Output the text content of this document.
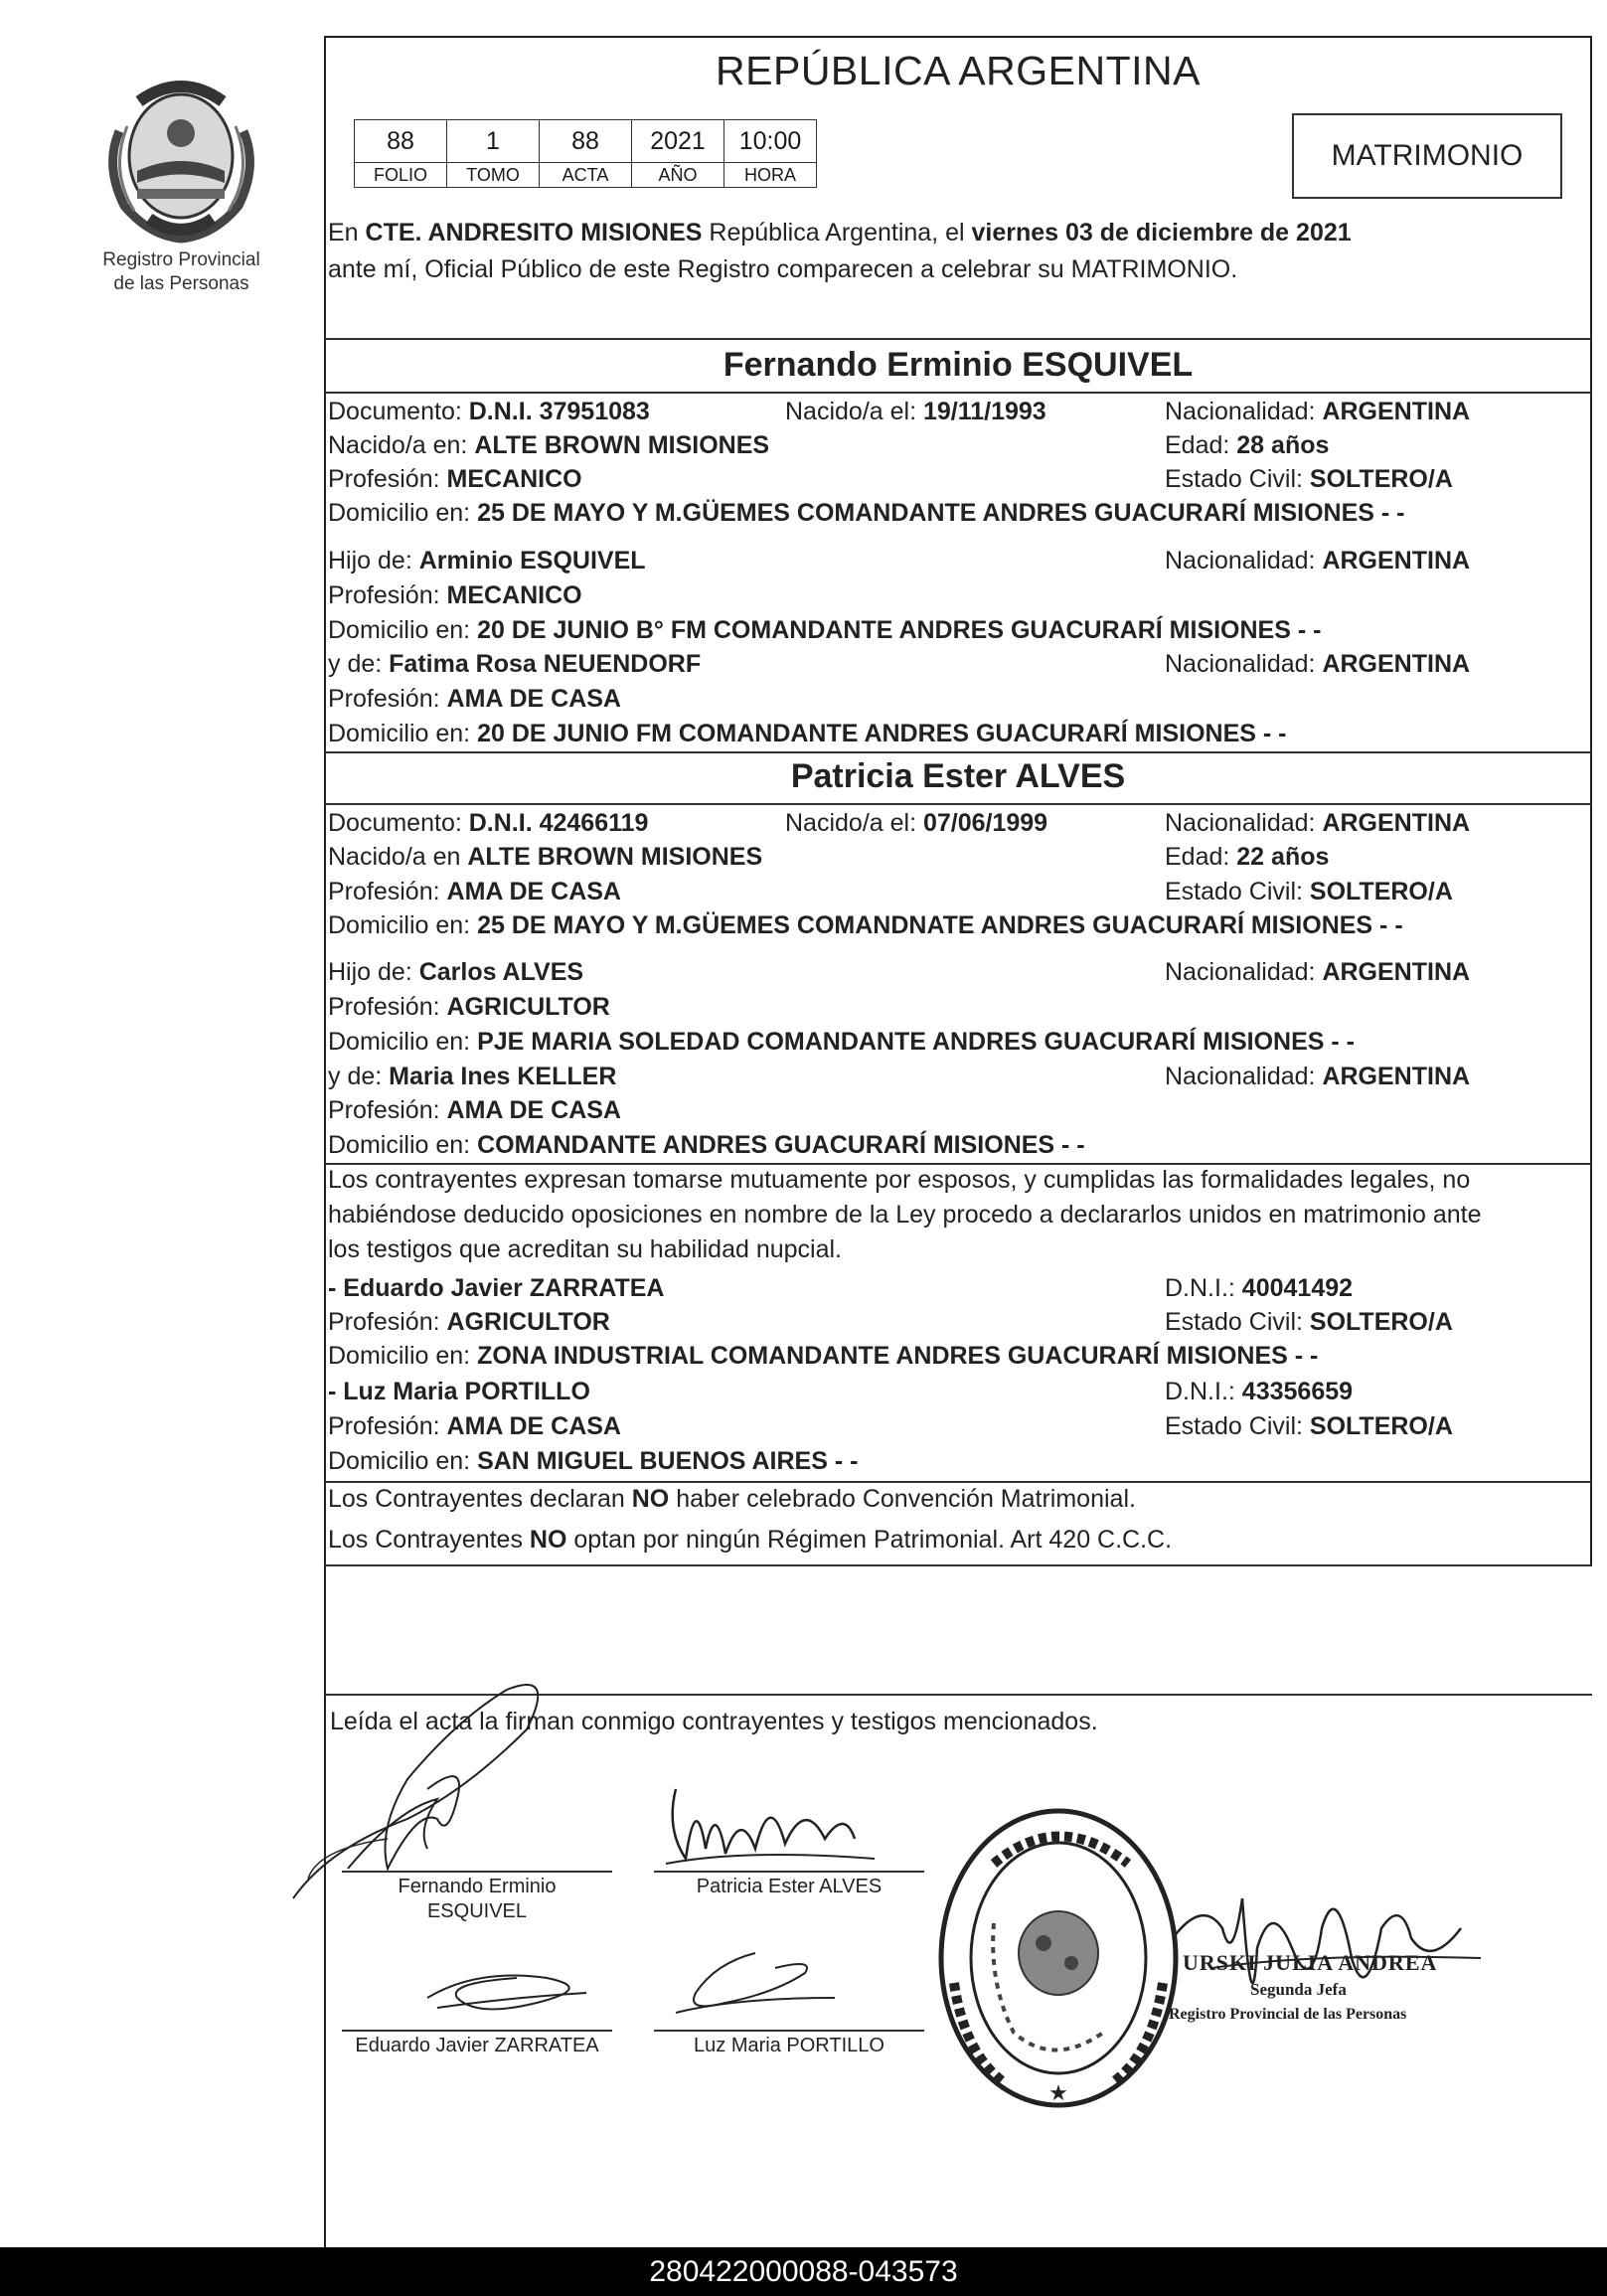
Registro Provincial
de las Personas
REPÚBLICA ARGENTINA
88	1	88	2021	10:00
FOLIO	TOMO	ACTA	AÑO	HORA
MATRIMONIO
En CTE. ANDRESITO MISIONES República Argentina, el viernes 03 de diciembre de 2021
ante mí, Oficial Público de este Registro comparecen a celebrar su MATRIMONIO.
Fernando Erminio ESQUIVEL
Documento: D.N.I. 37951083	Nacido/a el: 19/11/1993	Nacionalidad: ARGENTINA
Nacido/a en: ALTE BROWN MISIONES	Edad: 28 años
Profesión: MECANICO	Estado Civil: SOLTERO/A
Domicilio en: 25 DE MAYO Y M.GÜEMES COMANDANTE ANDRES GUACURARÍ MISIONES - -
Hijo de: Arminio ESQUIVEL	Nacionalidad: ARGENTINA
Profesión: MECANICO
Domicilio en: 20 DE JUNIO B° FM COMANDANTE ANDRES GUACURARÍ MISIONES - -
y de: Fatima Rosa NEUENDORF	Nacionalidad: ARGENTINA
Profesión: AMA DE CASA
Domicilio en: 20 DE JUNIO FM COMANDANTE ANDRES GUACURARÍ MISIONES - -
Patricia Ester ALVES
Documento: D.N.I. 42466119	Nacido/a el: 07/06/1999	Nacionalidad: ARGENTINA
Nacido/a en ALTE BROWN MISIONES	Edad: 22 años
Profesión: AMA DE CASA	Estado Civil: SOLTERO/A
Domicilio en: 25 DE MAYO Y M.GÜEMES COMANDNATE ANDRES GUACURARÍ MISIONES - -
Hijo de: Carlos ALVES	Nacionalidad: ARGENTINA
Profesión: AGRICULTOR
Domicilio en: PJE MARIA SOLEDAD COMANDANTE ANDRES GUACURARÍ MISIONES - -
y de: Maria Ines KELLER	Nacionalidad: ARGENTINA
Profesión: AMA DE CASA
Domicilio en: COMANDANTE ANDRES GUACURARÍ MISIONES - -
Los contrayentes expresan tomarse mutuamente por esposos, y cumplidas las formalidades legales, no
habiéndose deducido oposiciones en nombre de la Ley procedo a declararlos unidos en matrimonio ante
los testigos que acreditan su habilidad nupcial.
- Eduardo Javier ZARRATEA	D.N.I.: 40041492
Profesión: AGRICULTOR	Estado Civil: SOLTERO/A
Domicilio en: ZONA INDUSTRIAL COMANDANTE ANDRES GUACURARÍ MISIONES - -
- Luz Maria PORTILLO	D.N.I.: 43356659
Profesión: AMA DE CASA	Estado Civil: SOLTERO/A
Domicilio en: SAN MIGUEL BUENOS AIRES - -
Los Contrayentes declaran NO haber celebrado Convención Matrimonial.
Los Contrayentes NO optan por ningún Régimen Patrimonial. Art 420 C.C.C.
Leída el acta la firman conmigo contrayentes y testigos mencionados.
Fernando Erminio
ESQUIVEL
Patricia Ester ALVES
Eduardo Javier ZARRATEA	Luz Maria PORTILLO
★
URSKI JULIA ANDREA
Segunda Jefa
Registro Provincial de las Personas
280422000088-043573
